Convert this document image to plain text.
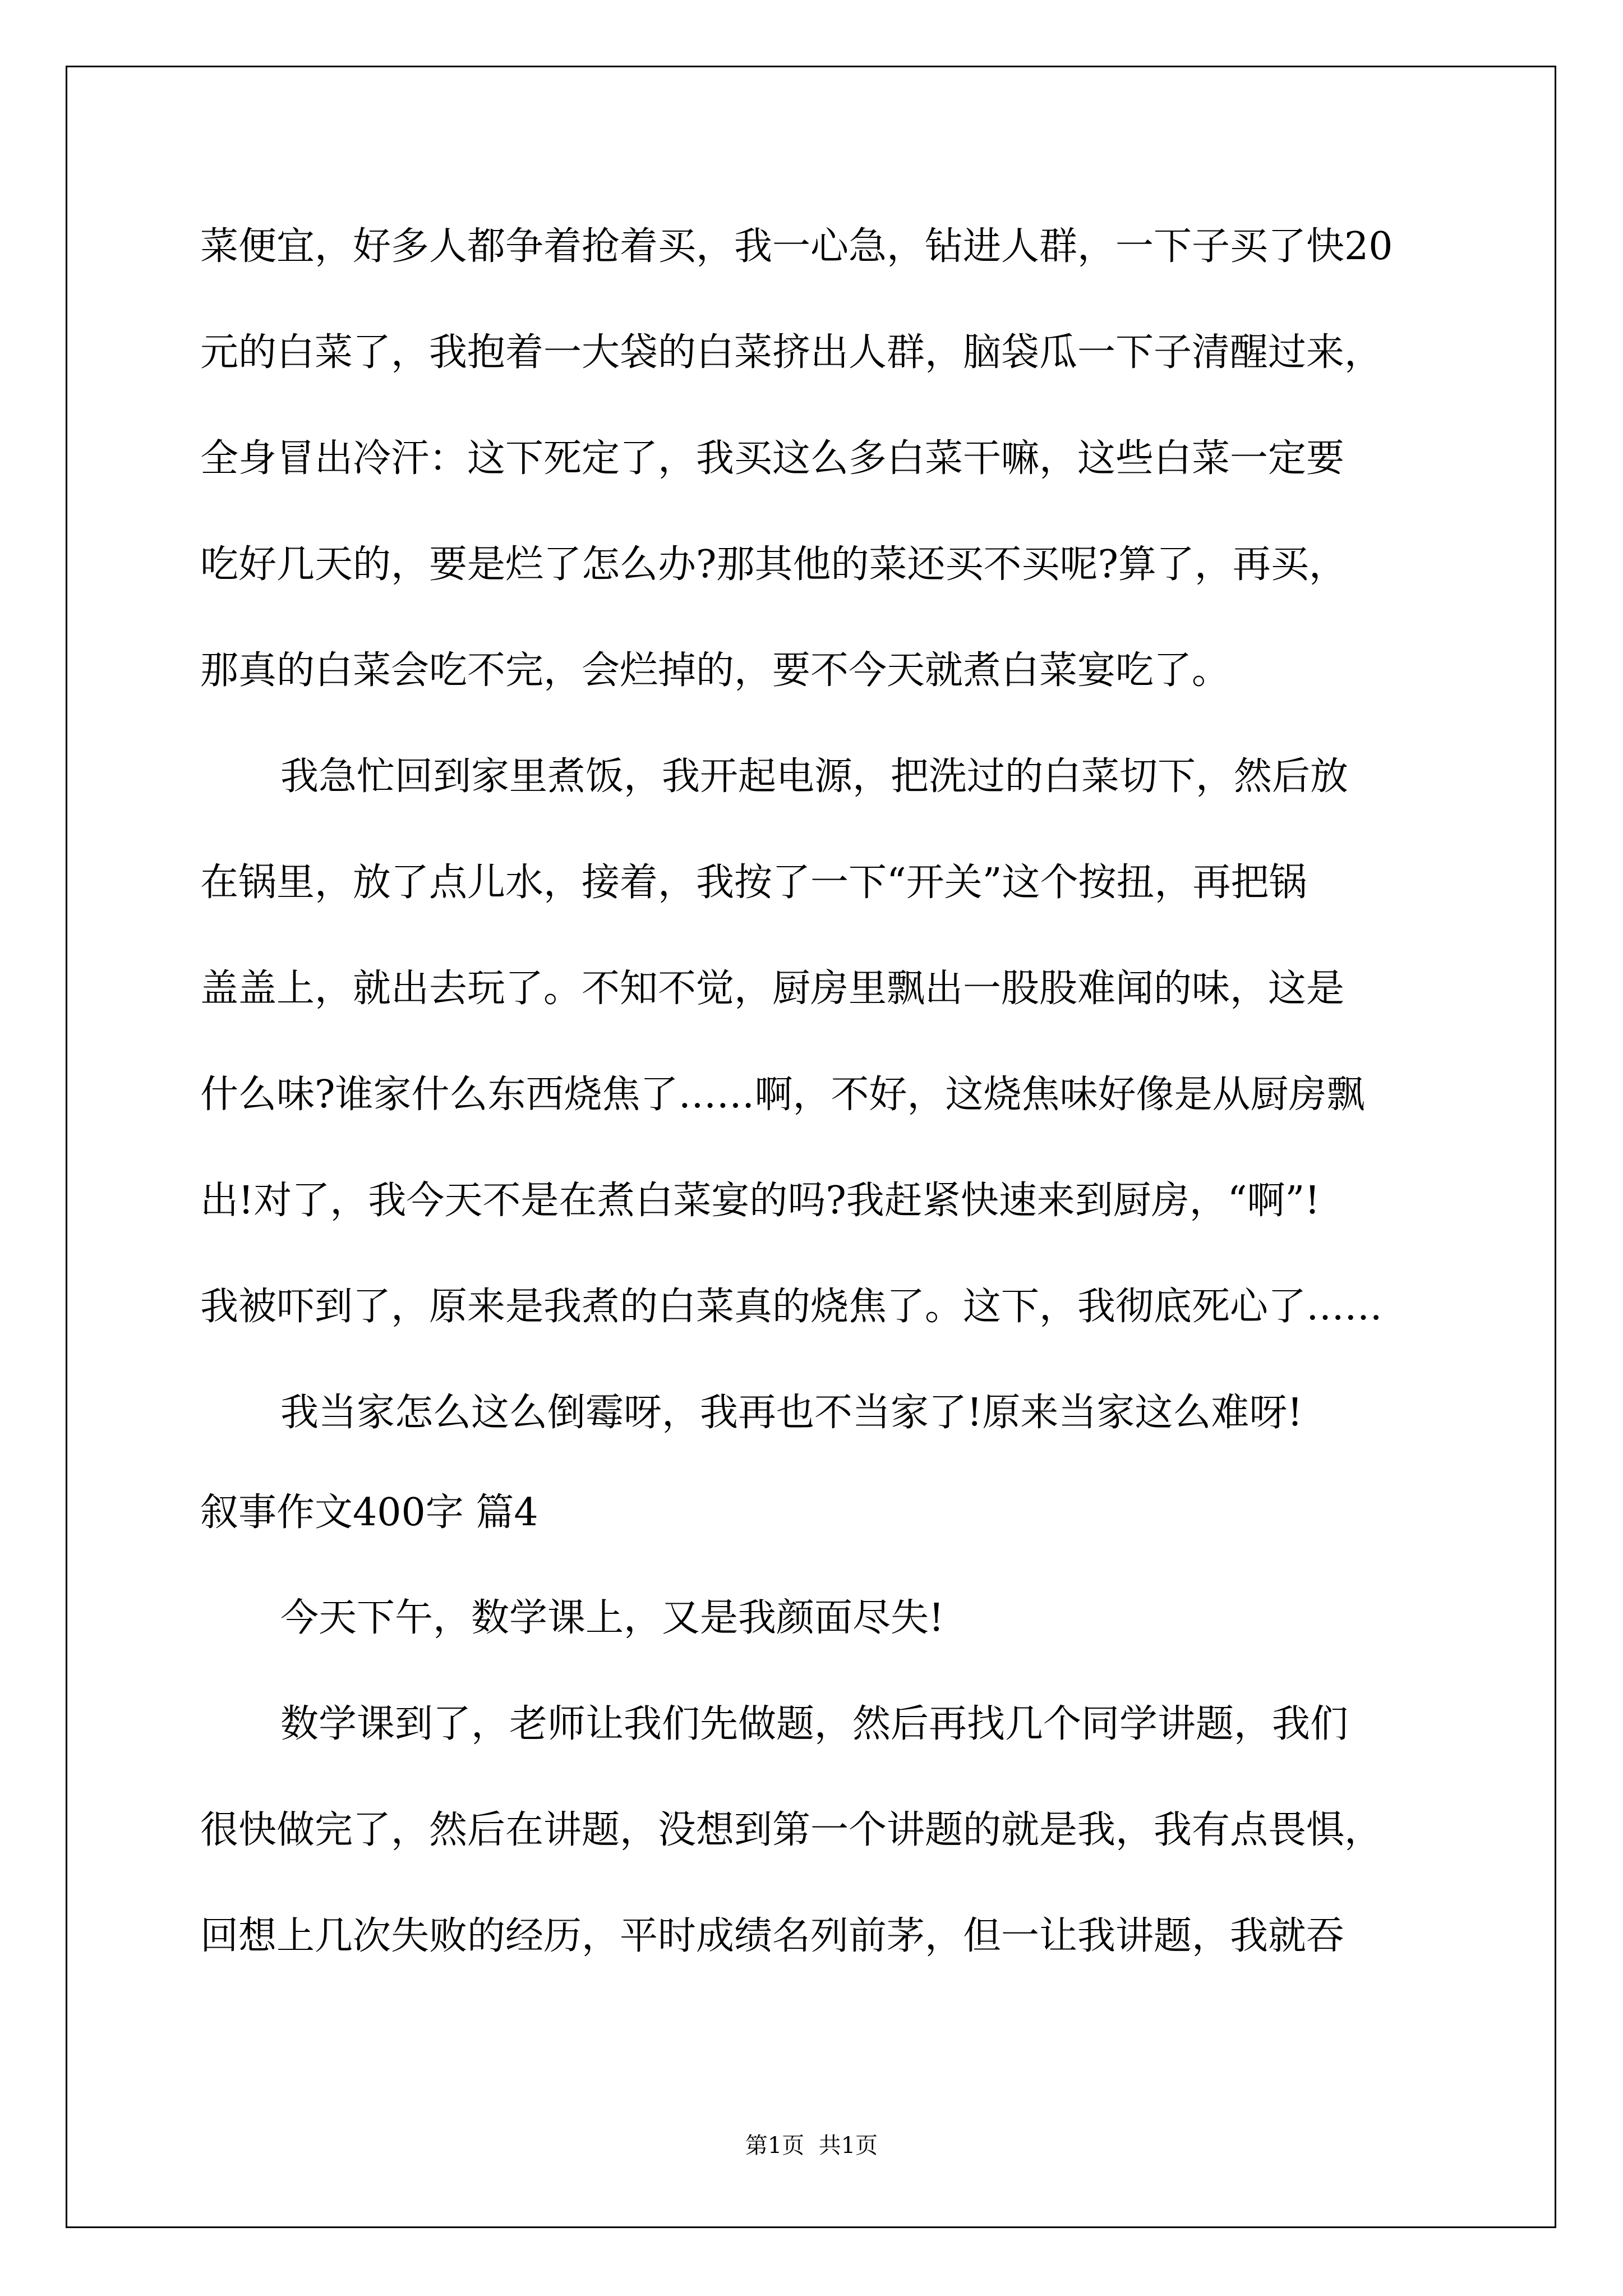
菜便宜，好多人都争着抢着买，我一心急，钻进人群，一下子买了快20
元的白菜了，我抱着一大袋的白菜挤出人群，脑袋瓜一下子清醒过来，
全身冒出冷汗：这下死定了，我买这么多白菜干嘛，这些白菜一定要
吃好几天的，要是烂了怎么办?那其他的菜还买不买呢?算了，再买，
那真的白菜会吃不完，会烂掉的，要不今天就煮白菜宴吃了。
我急忙回到家里煮饭，我开起电源，把洗过的白菜切下，然后放
在锅里，放了点儿水，接着，我按了一下“开关”这个按扭，再把锅
盖盖上，就出去玩了。不知不觉，厨房里飘出一股股难闻的味，这是
什么味?谁家什么东西烧焦了……啊，不好，这烧焦味好像是从厨房飘
出!对了，我今天不是在煮白菜宴的吗?我赶紧快速来到厨房，“啊”!
我被吓到了，原来是我煮的白菜真的烧焦了。这下，我彻底死心了……
我当家怎么这么倒霉呀，我再也不当家了!原来当家这么难呀!
叙事作文400字 篇4
今天下午，数学课上，又是我颜面尽失!
数学课到了，老师让我们先做题，然后再找几个同学讲题，我们
很快做完了，然后在讲题，没想到第一个讲题的就是我，我有点畏惧，
回想上几次失败的经历，平时成绩名列前茅，但一让我讲题，我就吞
第1页  共1页
